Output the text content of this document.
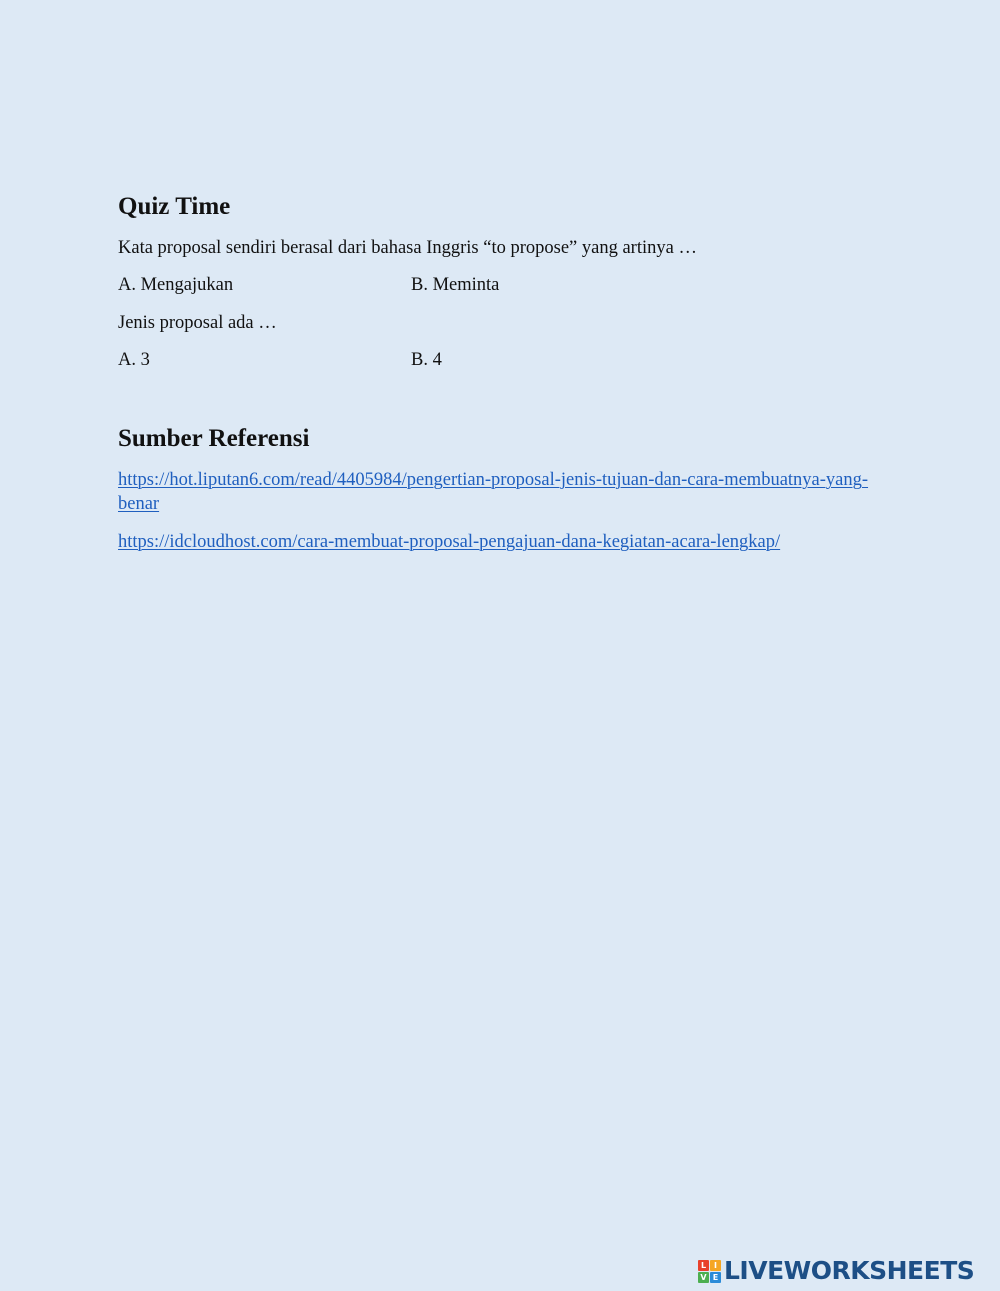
Quiz Time
Kata proposal sendiri berasal dari bahasa Inggris “to propose” yang artinya …
A. Mengajukan	B. Meminta
Jenis proposal ada …
A. 3	B. 4
Sumber Referensi
https://hot.liputan6.com/read/4405984/pengertian-proposal-jenis-tujuan-dan-cara-membuatnya-yang-benar
https://idcloudhost.com/cara-membuat-proposal-pengajuan-dana-kegiatan-acara-lengkap/
L I
V E LIVEWORKSHEETS
